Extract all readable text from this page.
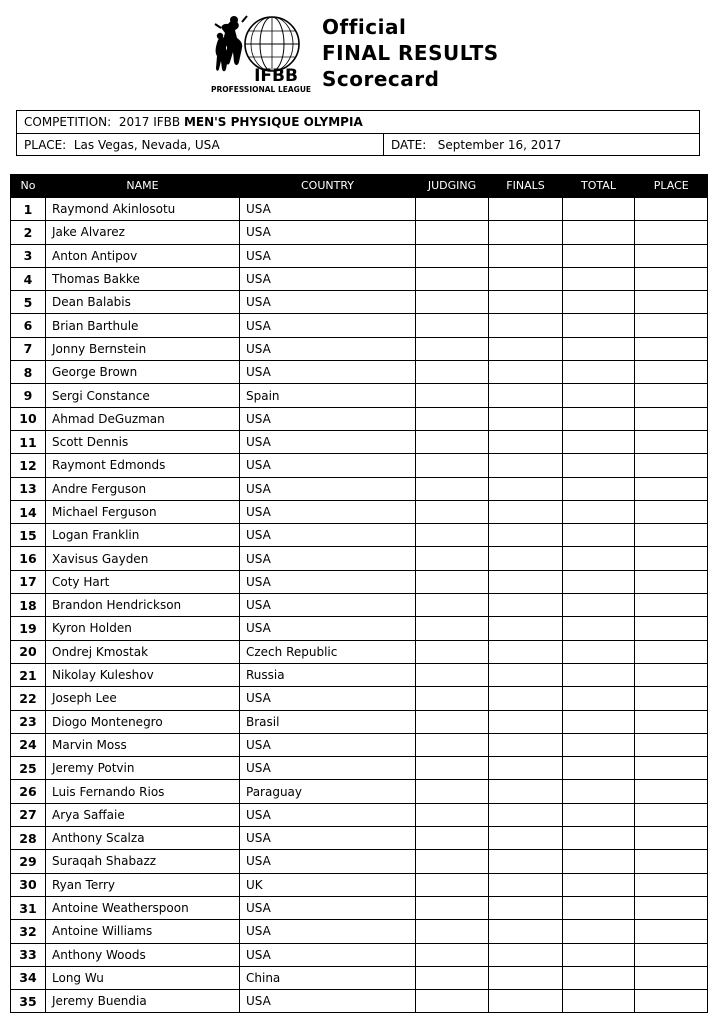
IFBB
PROFESSIONAL LEAGUE
Official
FINAL RESULTS
Scorecard
COMPETITION:
2017 IFBB
MEN'S PHYSIQUE OLYMPIA
PLACE:
Las Vegas, Nevada, USA	DATE:
September 16, 2017
No	NAME	COUNTRY	JUDGING	FINALS	TOTAL	PLACE
1	Raymond Akinlosotu	USA				
2	Jake Alvarez	USA				
3	Anton Antipov	USA				
4	Thomas Bakke	USA				
5	Dean Balabis	USA				
6	Brian Barthule	USA				
7	Jonny Bernstein	USA				
8	George Brown	USA				
9	Sergi Constance	Spain				
10	Ahmad DeGuzman	USA				
11	Scott Dennis	USA				
12	Raymont Edmonds	USA				
13	Andre Ferguson	USA				
14	Michael Ferguson	USA				
15	Logan Franklin	USA				
16	Xavisus Gayden	USA				
17	Coty Hart	USA				
18	Brandon Hendrickson	USA				
19	Kyron Holden	USA				
20	Ondrej Kmostak	Czech Republic				
21	Nikolay Kuleshov	Russia				
22	Joseph Lee	USA				
23	Diogo Montenegro	Brasil				
24	Marvin Moss	USA				
25	Jeremy Potvin	USA				
26	Luis Fernando Rios	Paraguay				
27	Arya Saffaie	USA				
28	Anthony Scalza	USA				
29	Suraqah Shabazz	USA				
30	Ryan Terry	UK				
31	Antoine Weatherspoon	USA				
32	Antoine Williams	USA				
33	Anthony Woods	USA				
34	Long Wu	China				
35	Jeremy Buendia	USA				
